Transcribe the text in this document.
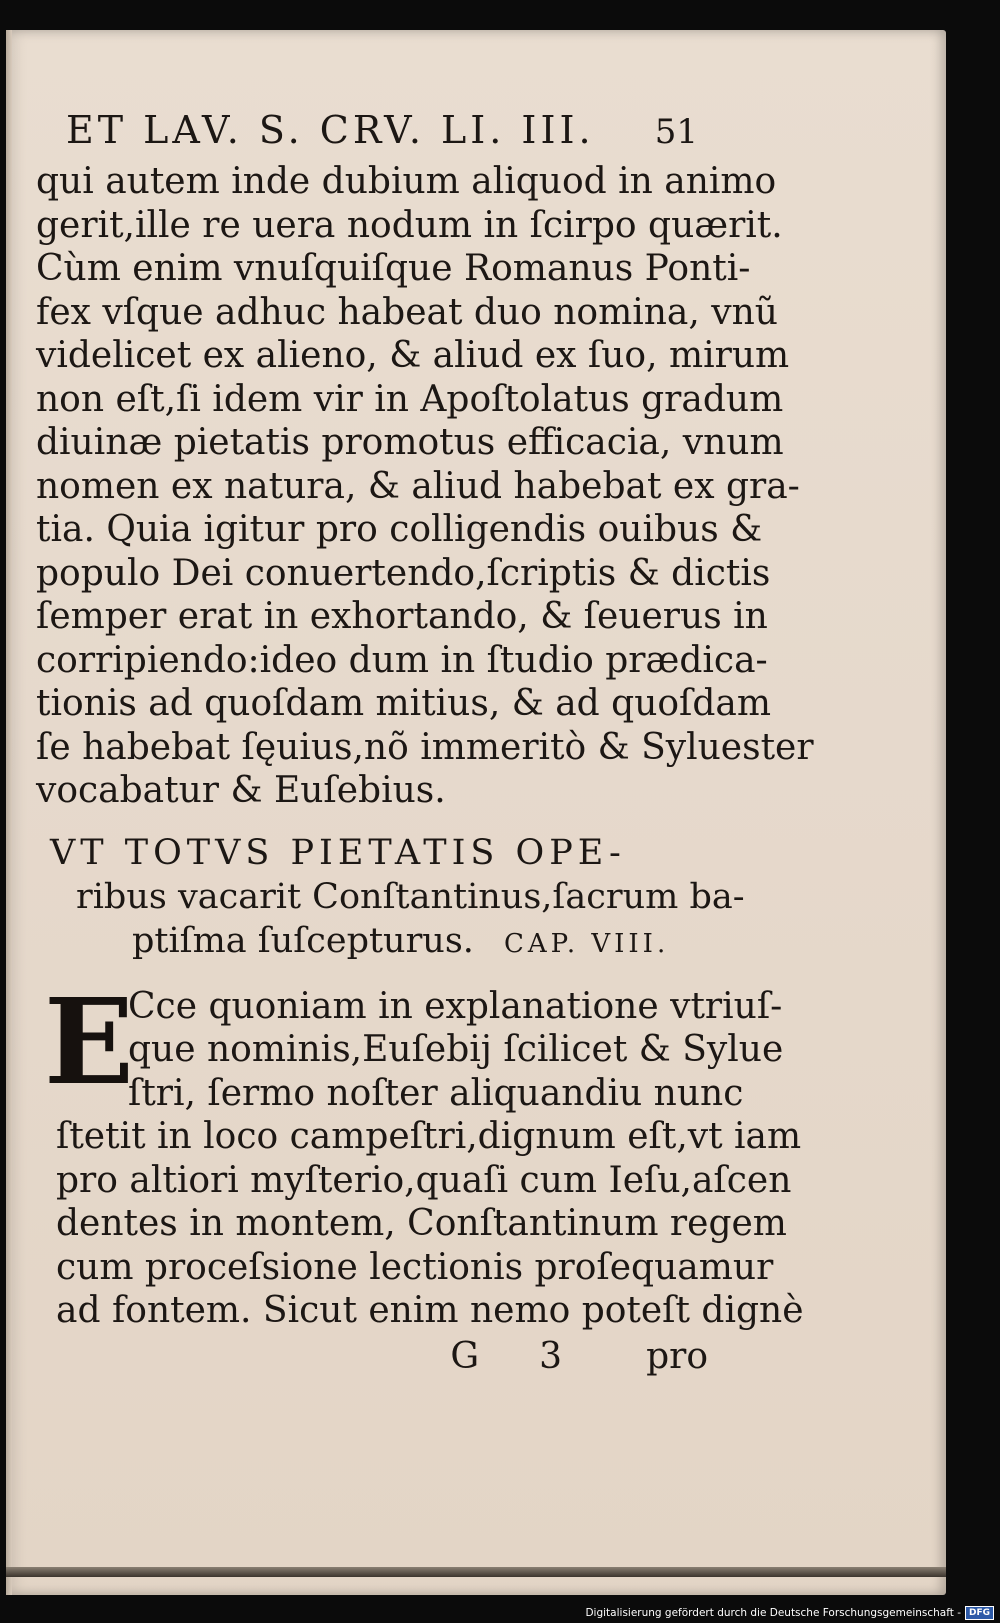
ET LAV. S. CRV. LI. III. 51
qui autem inde dubium aliquod in animo
gerit,ille re uera nodum in ſcirpo quærit.
Cùm enim vnuſquiſque Romanus Ponti-
fex vſque adhuc habeat duo nomina, vnũ
videlicet ex alieno, & aliud ex ſuo, mirum
non eſt,ſi idem vir in Apoſtolatus gradum
diuinæ pietatis promotus efficacia, vnum
nomen ex natura, & aliud habebat ex gra-
tia. Quia igitur pro colligendis ouibus &
populo Dei conuertendo,ſcriptis & dictis
ſemper erat in exhortando, & ſeuerus in
corripiendo:ideo dum in ſtudio prædica-
tionis ad quoſdam mitius, & ad quoſdam
ſe habebat ſęuius,nõ immeritò & Syluester
vocabatur & Euſebius.
VT TOTVS PIETATIS OPE-
ribus vacarit Conſtantinus,ſacrum ba-
ptiſma ſuſcepturus. CAP. VIII.
E
Cce quoniam in explanatione vtriuſ-
que nominis,Euſebij ſcilicet & Sylue
ſtri, ſermo noſter aliquandiu nunc
ſtetit in loco campeſtri,dignum eſt,vt iam
pro altiori myſterio,quaſi cum Ieſu,aſcen
dentes in montem, Conſtantinum regem
cum proceſsione lectionis proſequamur
ad fontem. Sicut enim nemo poteſt dignè
G 3 pro
Digitalisierung gefördert durch die Deutsche Forschungsgemeinschaft - DFG
